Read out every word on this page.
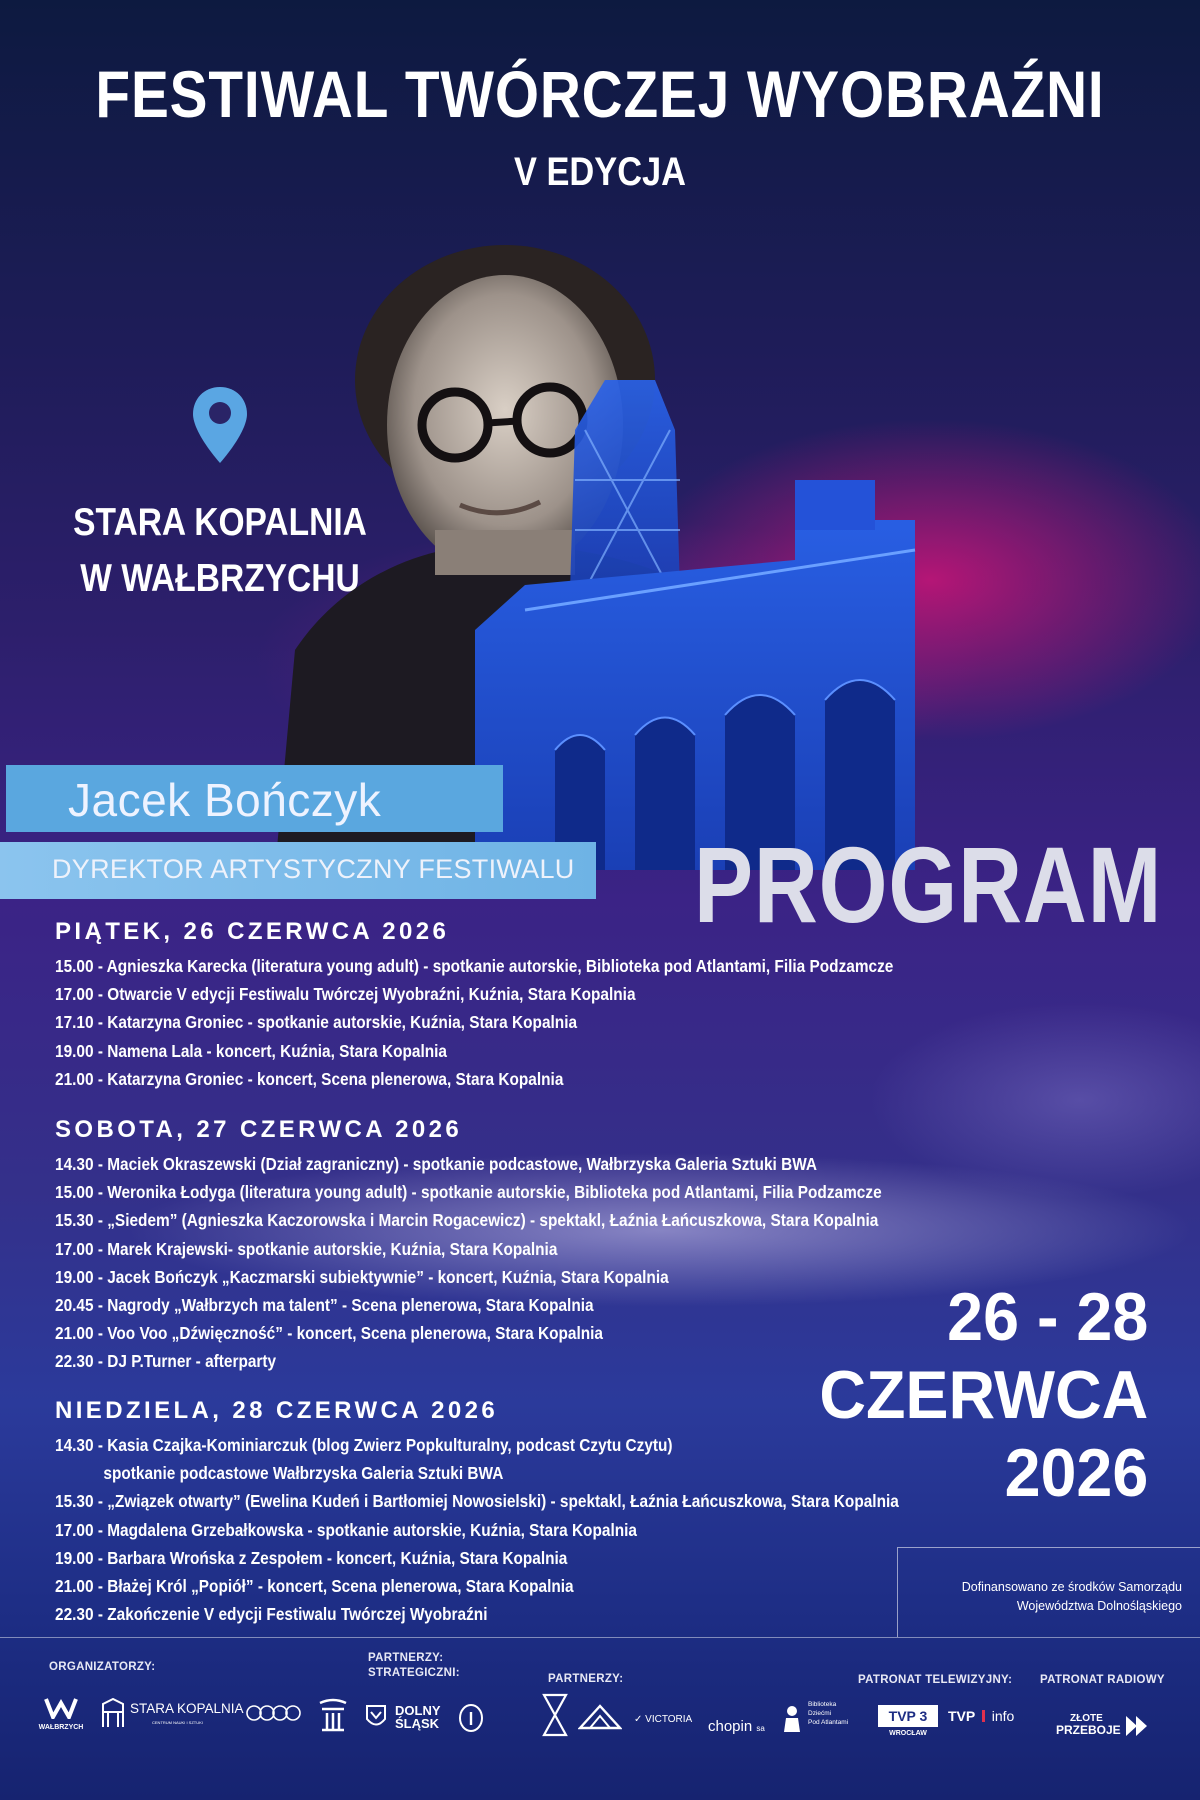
FESTIWAL TWÓRCZEJ WYOBRAŹNI
V EDYCJA
STARA KOPALNIA
W WAŁBRZYCHU
Jacek Bończyk
DYREKTOR ARTYSTYCZNY FESTIWALU PROGRAM
PIĄTEK, 26 CZERWCA 2026
15.00 - Agnieszka Karecka (literatura young adult) - spotkanie autorskie, Biblioteka pod Atlantami, Filia Podzamcze
17.00 - Otwarcie V edycji Festiwalu Twórczej Wyobraźni, Kuźnia, Stara Kopalnia
17.10 - Katarzyna Groniec - spotkanie autorskie, Kuźnia, Stara Kopalnia
19.00 - Namena Lala - koncert, Kuźnia, Stara Kopalnia
21.00 - Katarzyna Groniec - koncert, Scena plenerowa, Stara Kopalnia
SOBOTA, 27 CZERWCA 2026
14.30 - Maciek Okraszewski (Dział zagraniczny) - spotkanie podcastowe, Wałbrzyska Galeria Sztuki BWA
15.00 - Weronika Łodyga (literatura young adult) - spotkanie autorskie, Biblioteka pod Atlantami, Filia Podzamcze
15.30 - „Siedem” (Agnieszka Kaczorowska i Marcin Rogacewicz) - spektakl, Łaźnia Łańcuszkowa, Stara Kopalnia
17.00 - Marek Krajewski- spotkanie autorskie, Kuźnia, Stara Kopalnia
19.00 - Jacek Bończyk „Kaczmarski subiektywnie” - koncert, Kuźnia, Stara Kopalnia
20.45 - Nagrody „Wałbrzych ma talent” - Scena plenerowa, Stara Kopalnia
21.00 - Voo Voo „Dźwięczność” - koncert, Scena plenerowa, Stara Kopalnia
22.30 - DJ P.Turner - afterparty
NIEDZIELA, 28 CZERWCA 2026
14.30 - Kasia Czajka-Kominiarczuk (blog Zwierz Popkulturalny, podcast Czytu Czytu)
spotkanie podcastowe Wałbrzyska Galeria Sztuki BWA
15.30 - „Związek otwarty” (Ewelina Kudeń i Bartłomiej Nowosielski) - spektakl, Łaźnia Łańcuszkowa, Stara Kopalnia
17.00 - Magdalena Grzebałkowska - spotkanie autorskie, Kuźnia, Stara Kopalnia
19.00 - Barbara Wrońska z Zespołem - koncert, Kuźnia, Stara Kopalnia
21.00 - Błażej Król „Popiół” - koncert, Scena plenerowa, Stara Kopalnia
22.30 - Zakończenie V edycji Festiwalu Twórczej Wyobraźni
26 - 28
CZERWCA
2026
Dofinansowano ze środków Samorządu
Województwa Dolnośląskiego
ORGANIZATORZY:
PARTNERZY:
STRATEGICZNI:	PARTNERZY:	PATRONAT TELEWIZYJNY: PATRONAT RADIOWY
WAŁBRZYCH
STARA KOPALNIA
CENTRUM NAUKI I SZTUKI
DOLNY
ŚLĄSK	✓ VICTORIA chopin sa
Biblioteka
Dziećmi
Pod Atlantami	TVP 3
WROCŁAW
TVP info	ZŁOTE
PRZEBOJE
